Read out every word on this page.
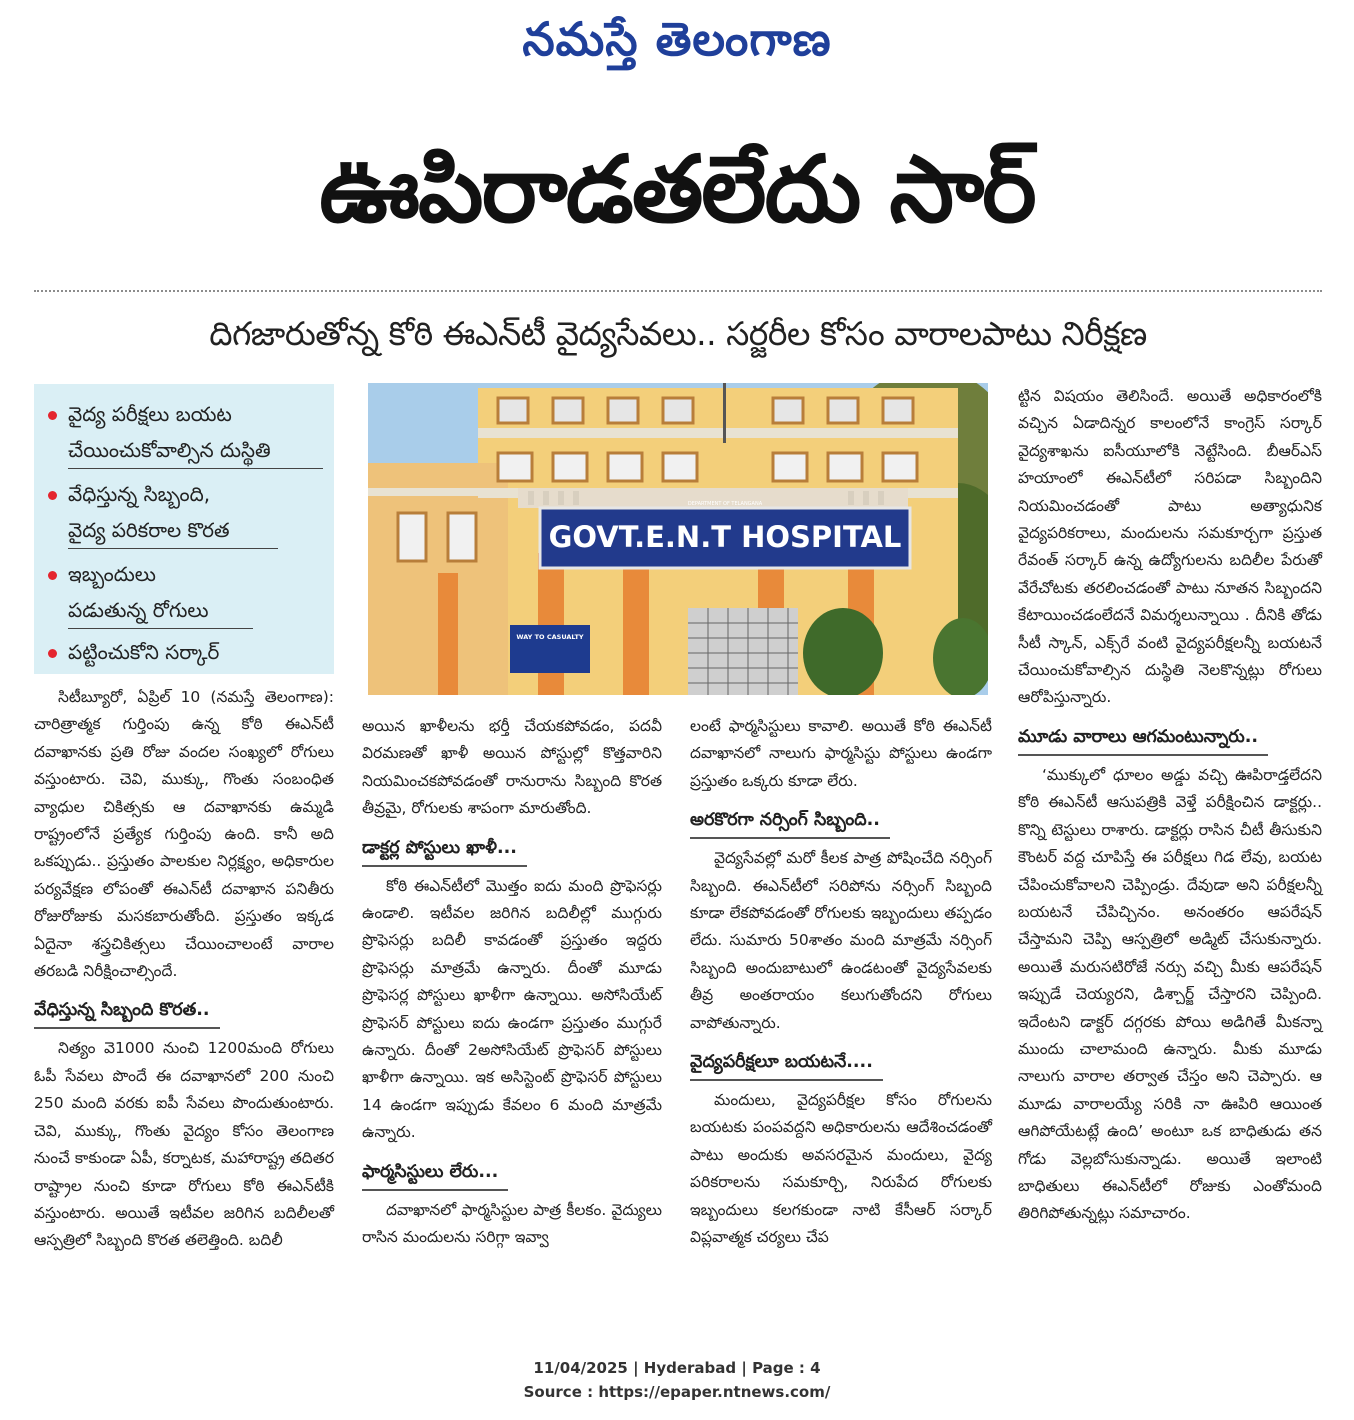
నమస్తే తెలంగాణ
ఊపిరాడతలేదు సార్
దిగజారుతోన్న కోఠి ఈఎన్‌టీ వైద్యసేవలు.. సర్జరీల కోసం వారాలపాటు నిరీక్షణ
వైద్య పరీక్షలు బయట
చేయించుకోవాల్సిన దుస్థితి
వేధిస్తున్న సిబ్బంది,
వైద్య పరికరాల కొరత
ఇబ్బందులు
పడుతున్న రోగులు
పట్టించుకోని సర్కార్
GOVT.E.N.T HOSPITAL
DEPARTMENT OF TELANGANA
WAY TO CASUALTY

సిటీబ్యూరో, ఏప్రిల్ 10 (నమస్తే తెలంగాణ): చారిత్రాత్మక గుర్తింపు ఉన్న కోఠి ఈఎన్‌టీ దవాఖానకు ప్రతి రోజు వందల సంఖ్యలో రోగులు వస్తుంటారు. చెవి, ముక్కు, గొంతు సంబంధిత వ్యాధుల చికిత్సకు ఆ దవాఖానకు ఉమ్మడి రాష్ట్రంలోనే ప్రత్యేక గుర్తింపు ఉంది. కానీ అది ఒకప్పుడు.. ప్రస్తుతం పాలకుల నిర్లక్ష్యం, అధికారుల పర్యవేక్షణ లోపంతో ఈఎన్‌టీ దవాఖాన పనితీరు రోజురోజుకు మసకబారుతోంది. ప్రస్తుతం ఇక్కడ ఏదైనా శస్త్రచికిత్సలు చేయించాలంటే వారాల తరబడి నిరీక్షించాల్సిందే.

వేధిస్తున్న సిబ్బంది కొరత..

నిత్యం వె1000 నుంచి 1200మంది రోగులు ఓపీ సేవలు పొందే ఈ దవాఖానలో 200 నుంచి 250 మంది వరకు ఐపీ సేవలు పొందుతుంటారు. చెవి, ముక్కు, గొంతు వైద్యం కోసం తెలంగాణ నుంచే కాకుండా ఏపీ, కర్నాటక, మహారాష్ట్ర తదితర రాష్ట్రాల నుంచి కూడా రోగులు కోఠి ఈఎన్‌టీకి వస్తుంటారు. అయితే ఇటీవల జరిగిన బదిలీలతో ఆస్పత్రిలో సిబ్బంది కొరత తలెత్తింది. బదిలీ

అయిన ఖాళీలను భర్తీ చేయకపోవడం, పదవీ విరమణతో ఖాళీ అయిన పోస్టుల్లో కొత్తవారిని నియమించకపోవడంతో రానురాను సిబ్బంది కొరత తీవ్రమై, రోగులకు శాపంగా మారుతోంది.

డాక్టర్ల పోస్టులు ఖాళీ...

కోఠి ఈఎన్‌టీలో మొత్తం ఐదు మంది ప్రొఫెసర్లు ఉండాలి. ఇటీవల జరిగిన బదిలీల్లో ముగ్గురు ప్రొఫెసర్లు బదిలీ కావడంతో ప్రస్తుతం ఇద్దరు ప్రొఫెసర్లు మాత్రమే ఉన్నారు. దీంతో మూడు ప్రొఫెసర్ల పోస్టులు ఖాళీగా ఉన్నాయి. అసోసియేట్ ప్రొఫెసర్ పోస్టులు ఐదు ఉండగా ప్రస్తుతం ముగ్గురే ఉన్నారు. దీంతో 2అసోసియేట్ ప్రొఫెసర్ పోస్టులు ఖాళీగా ఉన్నాయి. ఇక అసిస్టెంట్ ప్రొఫెసర్ పోస్టులు 14 ఉండగా ఇప్పుడు కేవలం 6 మంది మాత్రమే ఉన్నారు.

ఫార్మసిస్టులు లేరు...

దవాఖానలో ఫార్మసిస్టుల పాత్ర కీలకం. వైద్యులు రాసిన మందులను సరిగ్గా ఇవ్వా

లంటే ఫార్మసిస్టులు కావాలి. అయితే కోఠి ఈఎన్‌టీ దవాఖానలో నాలుగు ఫార్మసిస్టు పోస్టులు ఉండగా ప్రస్తుతం ఒక్కరు కూడా లేరు.

అరకొరగా నర్సింగ్ సిబ్బంది..

వైద్యసేవల్లో మరో కీలక పాత్ర పోషించేది నర్సింగ్ సిబ్బంది. ఈఎన్‌టీలో సరిపోను నర్సింగ్ సిబ్బంది కూడా లేకపోవడంతో రోగులకు ఇబ్బందులు తప్పడం లేదు. సుమారు 50శాతం మంది మాత్రమే నర్సింగ్ సిబ్బంది అందుబాటులో ఉండటంతో వైద్యసేవలకు తీవ్ర అంతరాయం కలుగుతోందని రోగులు వాపోతున్నారు.

వైద్యపరీక్షలూ బయటనే....

మందులు, వైద్యపరీక్షల కోసం రోగులను బయటకు పంపవద్దని అధికారులను ఆదేశించడంతో పాటు అందుకు అవసరమైన మందులు, వైద్య పరికరాలను సమకూర్చి, నిరుపేద రోగులకు ఇబ్బందులు కలగకుండా నాటి కేసీఆర్ సర్కార్ విప్లవాత్మక చర్యలు చేప

ట్టిన విషయం తెలిసిందే. అయితే అధికారంలోకి వచ్చిన ఏడాదిన్నర కాలంలోనే కాంగ్రెస్ సర్కార్ వైద్యశాఖను ఐసీయూలోకి నెట్టేసింది. బీఆర్‌ఎస్ హయాంలో ఈఎన్‌టీలో సరిపడా సిబ్బందిని నియమించడంతో పాటు అత్యాధునిక వైద్యపరికరాలు, మందులను సమకూర్చగా ప్రస్తుత రేవంత్ సర్కార్ ఉన్న ఉద్యోగులను బదిలీల పేరుతో వేరేచోటకు తరలించడంతో పాటు నూతన సిబ్బందని కేటాయించడంలేదనే విమర్శలున్నాయి . దీనికి తోడు సీటీ స్కాన్, ఎక్స్‌రే వంటి వైద్యపరీక్షలన్నీ బయటనే చేయించుకోవాల్సిన దుస్థితి నెలకొన్నట్లు రోగులు ఆరోపిస్తున్నారు.

మూడు వారాలు ఆగమంటున్నారు..

‘ముక్కులో ధూలం అడ్డు వచ్చి ఊపిరాడ్తలేదని కోఠి ఈఎన్‌టీ ఆసుపత్రికి వెళ్తే పరీక్షించిన డాక్టర్లు.. కొన్ని టెస్టులు రాశారు. డాక్టర్లు రాసిన చీటీ తీసుకుని కౌంటర్ వద్ద చూపిస్తే ఈ పరీక్షలు గిడ లేవు, బయట చేపించుకోవాలని చెప్పిండ్రు. దేవుడా అని పరీక్షలన్నీ బయటనే చేపిచ్చినం. అనంతరం ఆపరేషన్ చేస్తామని చెప్పి ఆస్పత్రిలో అడ్మిట్ చేసుకున్నారు. అయితే మరుసటిరోజే నర్సు వచ్చి మీకు ఆపరేషన్ ఇప్పుడే చెయ్యరని, డిశ్చార్జ్ చేస్తారని చెప్పింది. ఇదేంటని డాక్టర్ దగ్గరకు పోయి అడిగితే మీకన్నా ముందు చాలామంది ఉన్నారు. మీకు మూడు నాలుగు వారాల తర్వాత చేస్తం అని చెప్పారు. ఆ మూడు వారాలయ్యే సరికి నా ఊపిరి ఆయింత ఆగిపోయేటట్లే ఉంది’ అంటూ ఒక బాధితుడు తన గోడు వెల్లబోసుకున్నాడు. అయితే ఇలాంటి బాధితులు ఈఎన్‌టీలో రోజుకు ఎంతోమంది తిరిగిపోతున్నట్లు సమాచారం.

11/04/2025 | Hyderabad | Page : 4
Source : https://epaper.ntnews.com/
